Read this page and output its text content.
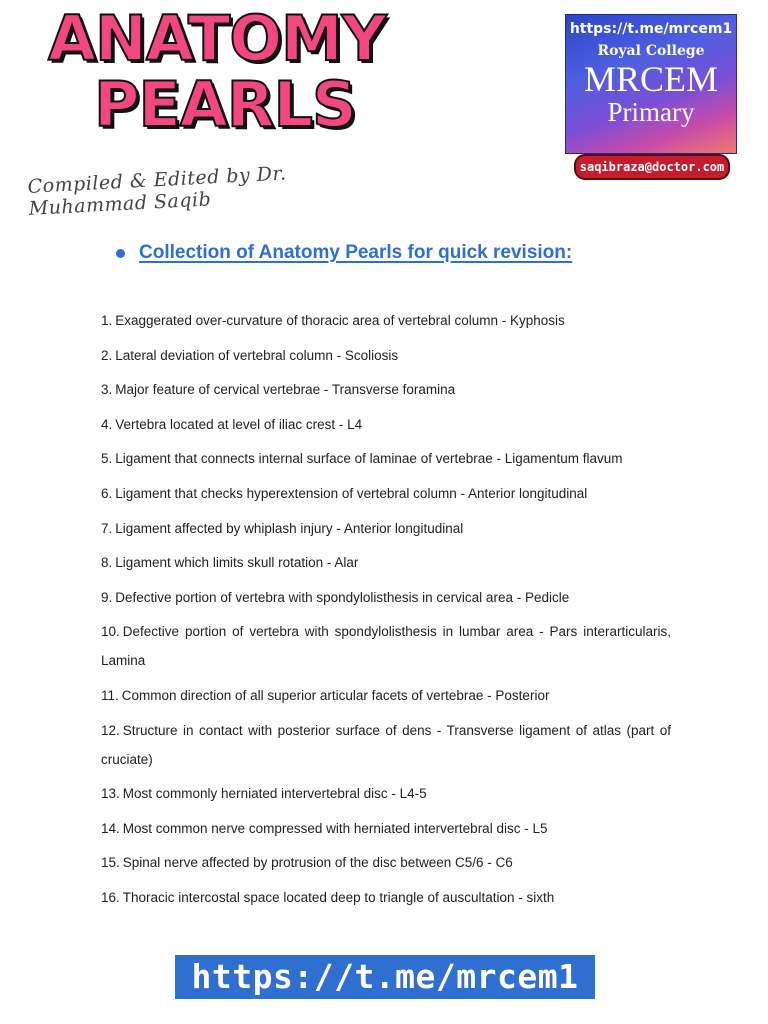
ANATOMY
PEARLS
Compiled & Edited by Dr. Muhammad Saqib
https://t.me/mrcem1
Royal College
MRCEM
Primary
saqibraza@doctor.com
Collection of Anatomy Pearls for quick revision:
1. Exaggerated over-curvature of thoracic area of vertebral column - Kyphosis
2. Lateral deviation of vertebral column - Scoliosis
3. Major feature of cervical vertebrae - Transverse foramina
4. Vertebra located at level of iliac crest - L4
5. Ligament that connects internal surface of laminae of vertebrae - Ligamentum flavum
6. Ligament that checks hyperextension of vertebral column - Anterior longitudinal
7. Ligament affected by whiplash injury - Anterior longitudinal
8. Ligament which limits skull rotation - Alar
9. Defective portion of vertebra with spondylolisthesis in cervical area - Pedicle
10. Defective portion of vertebra with spondylolisthesis in lumbar area - Pars interarticularis, Lamina
11. Common direction of all superior articular facets of vertebrae - Posterior
12. Structure in contact with posterior surface of dens - Transverse ligament of atlas (part of cruciate)
13. Most commonly herniated intervertebral disc - L4-5
14. Most common nerve compressed with herniated intervertebral disc - L5
15. Spinal nerve affected by protrusion of the disc between C5/6 - C6
16. Thoracic intercostal space located deep to triangle of auscultation - sixth
https://t.me/mrcem1
